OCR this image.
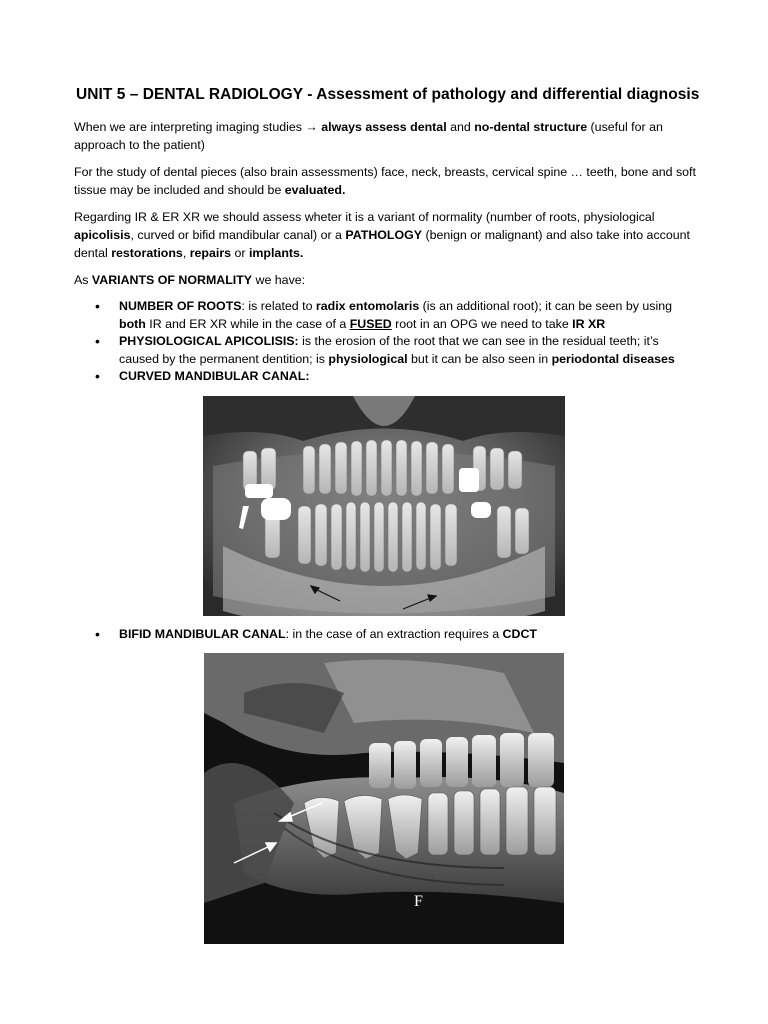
UNIT 5 – DENTAL RADIOLOGY - Assessment of pathology and differential diagnosis
When we are interpreting imaging studies → always assess dental and no-dental structure (useful for an approach to the patient)
For the study of dental pieces (also brain assessments) face, neck, breasts, cervical spine … teeth, bone and soft tissue may be included and should be evaluated.
Regarding IR & ER XR we should assess wheter it is a variant of normality (number of roots, physiological apicolisis, curved or bifid mandibular canal) or a PATHOLOGY (benign or malignant) and also take into account dental restorations, repairs or implants.
As VARIANTS OF NORMALITY we have:
• NUMBER OF ROOTS: is related to radix entomolaris (is an additional root); it can be seen by using both IR and ER XR while in the case of a FUSED root in an OPG we need to take IR XR
• PHYSIOLOGICAL APICOLISIS: is the erosion of the root that we can see in the residual teeth; it’s caused by the permanent dentition; is physiological but it can be also seen in periodontal diseases
• CURVED MANDIBULAR CANAL:
• BIFID MANDIBULAR CANAL: in the case of an extraction requires a CDCT
F
